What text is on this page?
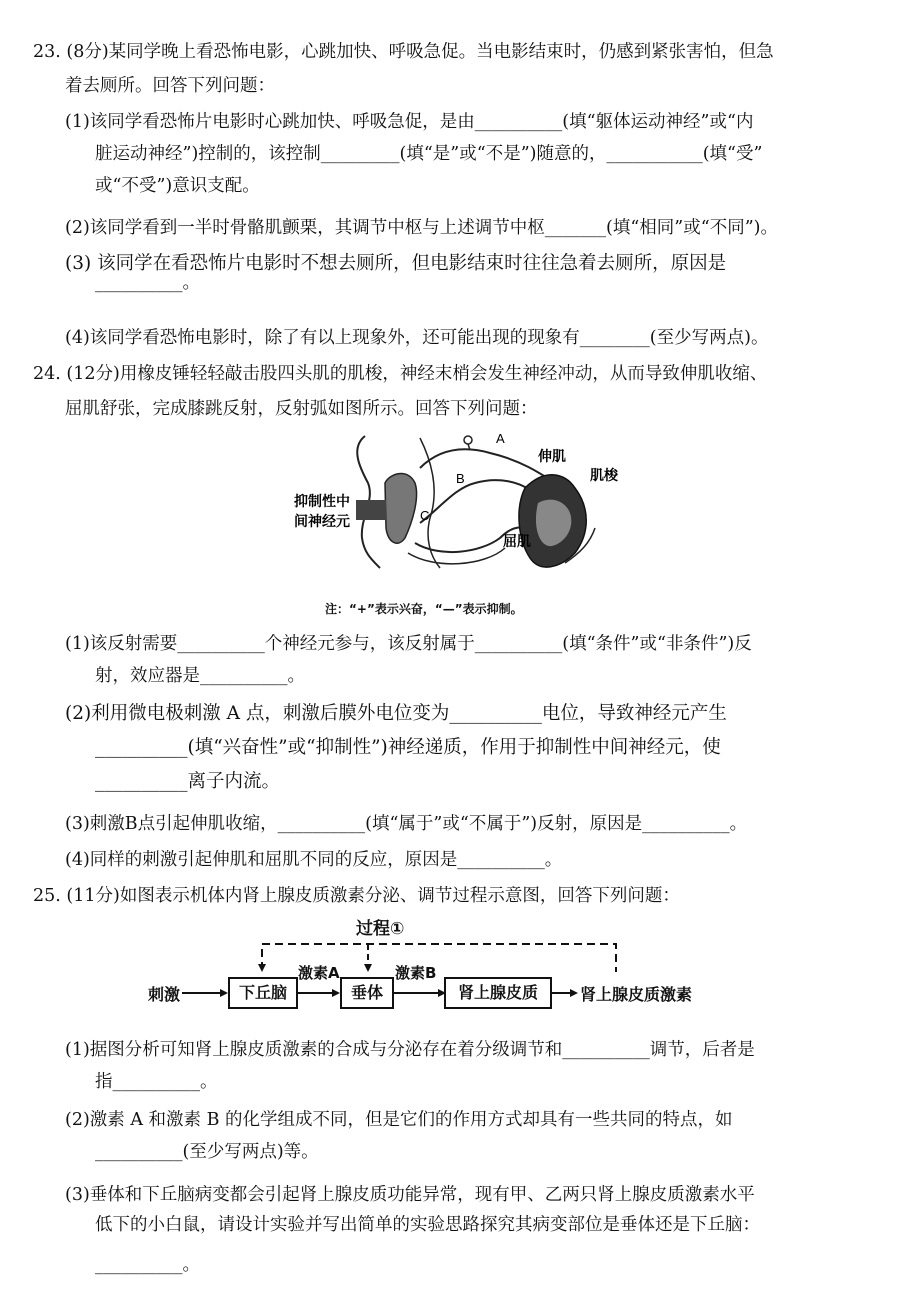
23. (8分)某同学晚上看恐怖电影，心跳加快、呼吸急促。当电影结束时，仍感到紧张害怕，但急
着去厕所。回答下列问题：
(1)该同学看恐怖片电影时心跳加快、呼吸急促，是由__________(填“躯体运动神经”或“内
脏运动神经”)控制的，该控制_________(填“是”或“不是”)随意的，___________(填“受”
或“不受”)意识支配。
(2)该同学看到一半时骨骼肌颤栗，其调节中枢与上述调节中枢_______(填“相同”或“不同”)。
(3) 该同学在看恐怖片电影时不想去厕所，但电影结束时往往急着去厕所，原因是
__________。
(4)该同学看恐怖电影时，除了有以上现象外，还可能出现的现象有________(至少写两点)。
24. (12分)用橡皮锤轻轻敲击股四头肌的肌梭，神经末梢会发生神经冲动，从而导致伸肌收缩、
屈肌舒张，完成膝跳反射，反射弧如图所示。回答下列问题：
A
B
C
伸肌
肌梭
屈肌
抑制性中
间神经元
注：“+”表示兴奋，“—”表示抑制。
(1)该反射需要__________个神经元参与，该反射属于__________(填“条件”或“非条件”)反
射，效应器是__________。
(2)利用微电极刺激 A 点，刺激后膜外电位变为__________电位，导致神经元产生
__________(填“兴奋性”或“抑制性”)神经递质，作用于抑制性中间神经元，使
__________离子内流。
(3)刺激B点引起伸肌收缩，__________(填“属于”或“不属于”)反射，原因是__________。
(4)同样的刺激引起伸肌和屈肌不同的反应，原因是__________。
25. (11分)如图表示机体内肾上腺皮质激素分泌、调节过程示意图，回答下列问题：
过程①
刺激	下丘脑
激素A
垂体
激素B
肾上腺皮质	肾上腺皮质激素
(1)据图分析可知肾上腺皮质激素的合成与分泌存在着分级调节和__________调节，后者是
指__________。
(2)激素 A 和激素 B 的化学组成不同，但是它们的作用方式却具有一些共同的特点，如
__________(至少写两点)等。
(3)垂体和下丘脑病变都会引起肾上腺皮质功能异常，现有甲、乙两只肾上腺皮质激素水平
低下的小白鼠，请设计实验并写出简单的实验思路探究其病变部位是垂体还是下丘脑：
__________。
